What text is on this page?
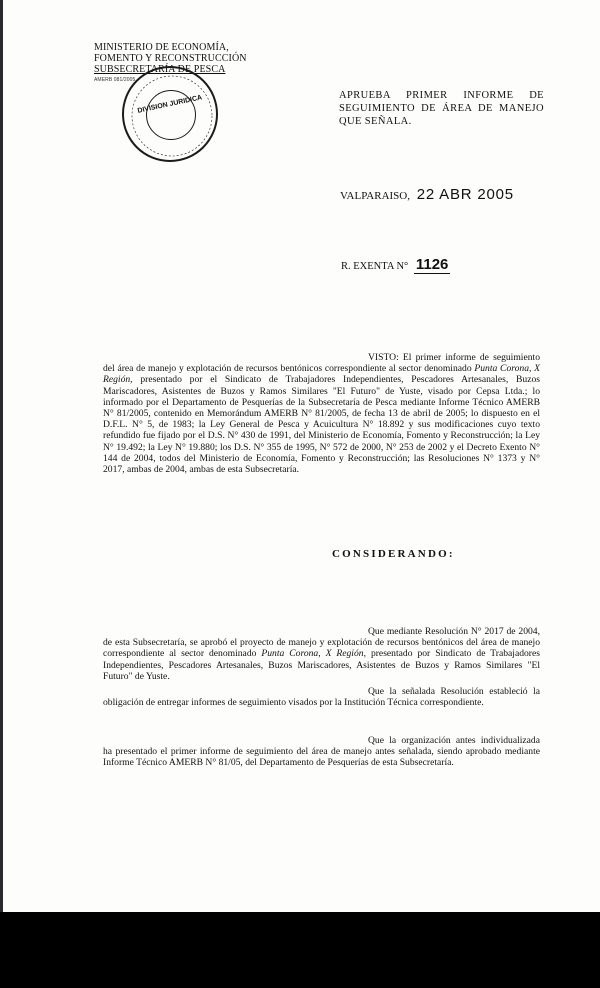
MINISTERIO DE ECONOMÍA,
FOMENTO Y RECONSTRUCCIÓN
SUBSECRETARÍA DE PESCA
AMERB 081/2005
DIVISION JURIDICA	APRUEBA PRIMER INFORME DE SEGUIMIENTO DE ÁREA DE MANEJO QUE SEÑALA.
VALPARAISO, 22 ABR 2005
R. EXENTA N° 1126
VISTO: El primer informe de seguimiento del área de manejo y explotación de recursos bentónicos correspondiente al sector denominado Punta Corona, X Región, presentado por el Sindicato de Trabajadores Independientes, Pescadores Artesanales, Buzos Mariscadores, Asistentes de Buzos y Ramos Similares "El Futuro" de Yuste, visado por Cepsa Ltda.; lo informado por el Departamento de Pesquerías de la Subsecretaría de Pesca mediante Informe Técnico AMERB N° 81/2005, contenido en Memorándum AMERB N° 81/2005, de fecha 13 de abril de 2005; lo dispuesto en el D.F.L. N° 5, de 1983; la Ley General de Pesca y Acuicultura N° 18.892 y sus modificaciones cuyo texto refundido fue fijado por el D.S. N° 430 de 1991, del Ministerio de Economía, Fomento y Reconstrucción; la Ley N° 19.492; la Ley N° 19.880; los D.S. N° 355 de 1995, N° 572 de 2000, N° 253 de 2002 y el Decreto Exento N° 144 de 2004, todos del Ministerio de Economía, Fomento y Reconstrucción; las Resoluciones N° 1373 y N° 2017, ambas de 2004, ambas de esta Subsecretaría.
CONSIDERANDO:
Que mediante Resolución N° 2017 de 2004, de esta Subsecretaría, se aprobó el proyecto de manejo y explotación de recursos bentónicos del área de manejo correspondiente al sector denominado Punta Corona, X Región, presentado por Sindicato de Trabajadores Independientes, Pescadores Artesanales, Buzos Mariscadores, Asistentes de Buzos y Ramos Similares "El Futuro" de Yuste.
Que la señalada Resolución estableció la obligación de entregar informes de seguimiento visados por la Institución Técnica correspondiente.
Que la organización antes individualizada ha presentado el primer informe de seguimiento del área de manejo antes señalada, siendo aprobado mediante Informe Técnico AMERB N° 81/05, del Departamento de Pesquerías de esta Subsecretaría.
